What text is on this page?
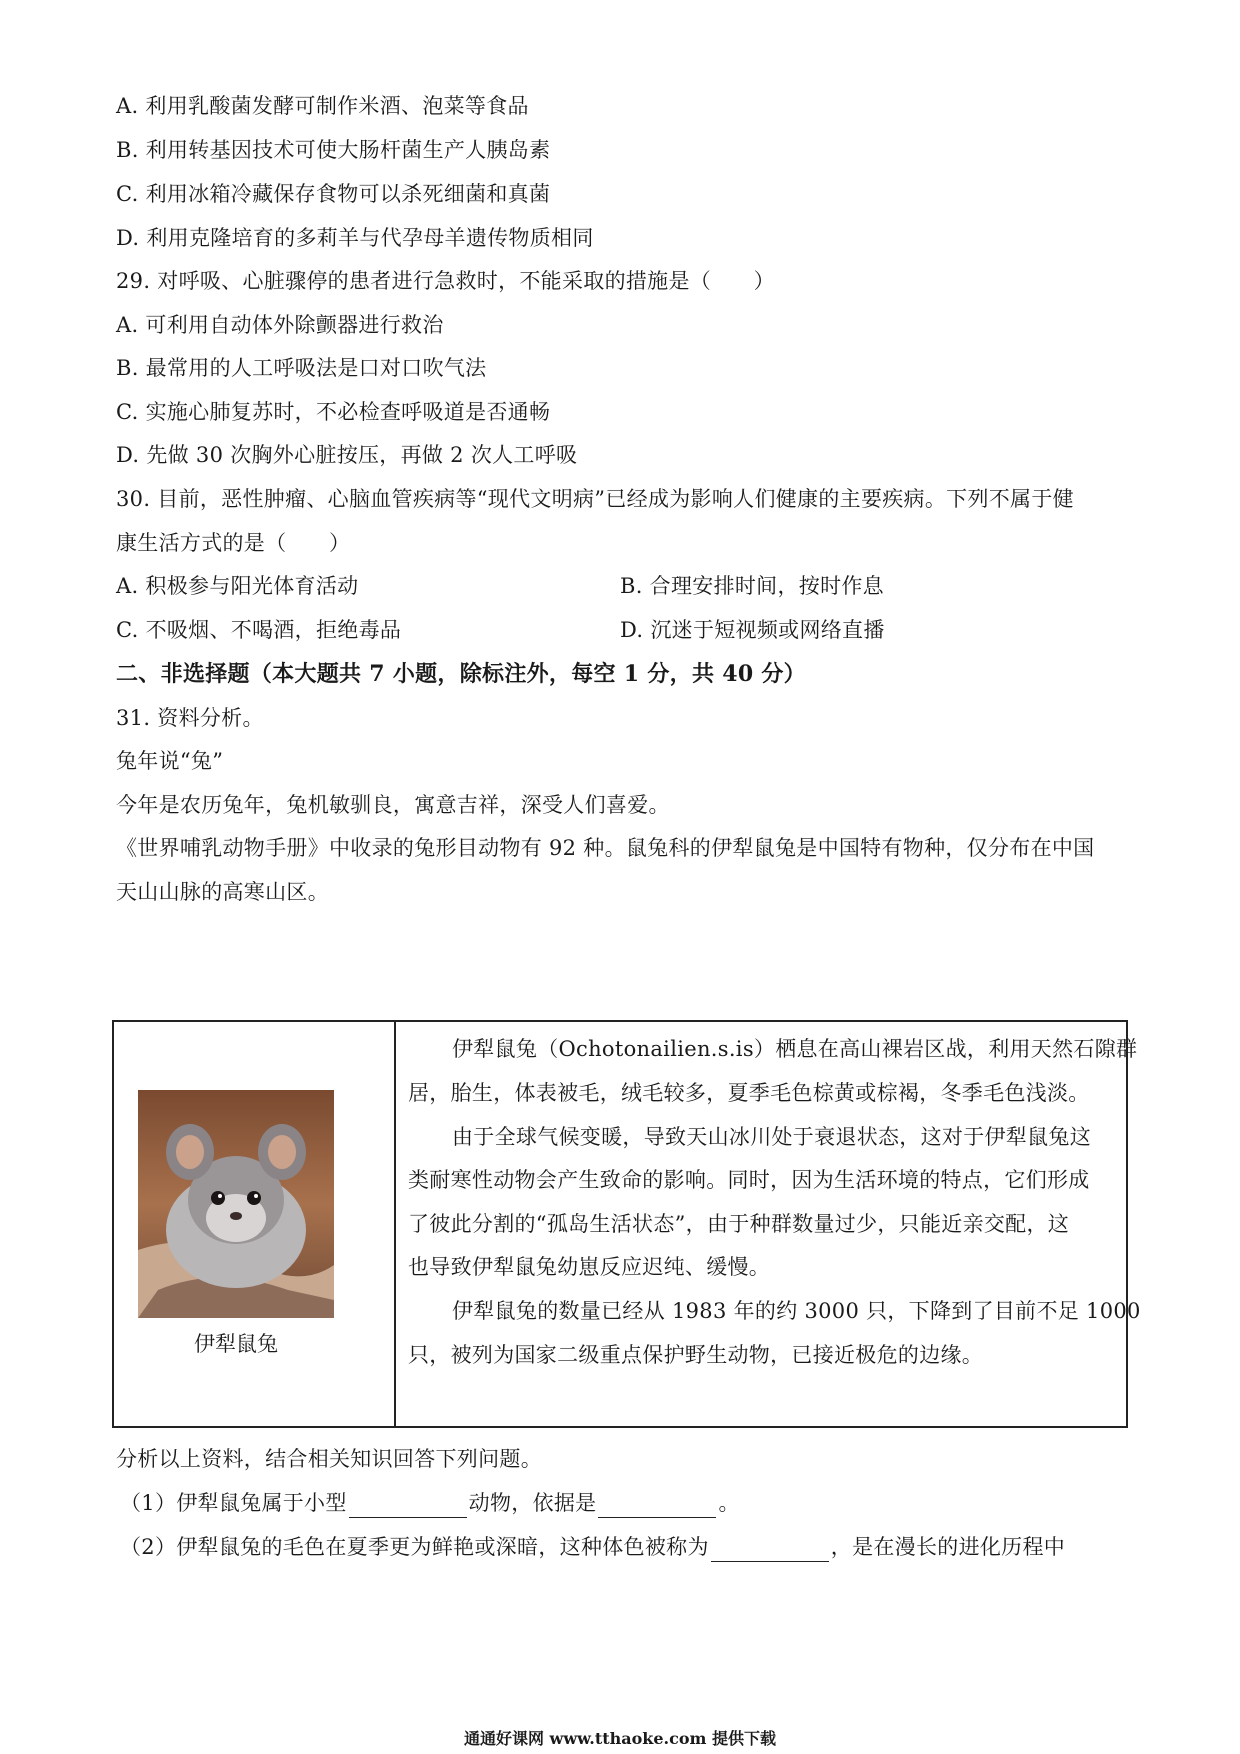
A. 利用乳酸菌发酵可制作米酒、泡菜等食品
B. 利用转基因技术可使大肠杆菌生产人胰岛素
C. 利用冰箱冷藏保存食物可以杀死细菌和真菌
D. 利用克隆培育的多莉羊与代孕母羊遗传物质相同
29. 对呼吸、心脏骤停的患者进行急救时，不能采取的措施是（　　）
A. 可利用自动体外除颤器进行救治
B. 最常用的人工呼吸法是口对口吹气法
C. 实施心肺复苏时，不必检查呼吸道是否通畅
D. 先做 30 次胸外心脏按压，再做 2 次人工呼吸
30. 目前，恶性肿瘤、心脑血管疾病等“现代文明病”已经成为影响人们健康的主要疾病。下列不属于健
康生活方式的是（　　）
A. 积极参与阳光体育活动	B. 合理安排时间，按时作息
C. 不吸烟、不喝酒，拒绝毒品	D. 沉迷于短视频或网络直播
二、非选择题（本大题共 7 小题，除标注外，每空 1 分，共 40 分）
31. 资料分析。
兔年说“兔”
今年是农历兔年，兔机敏驯良，寓意吉祥，深受人们喜爱。
《世界哺乳动物手册》中收录的兔形目动物有 92 种。鼠兔科的伊犁鼠兔是中国特有物种，仅分布在中国
天山山脉的高寒山区。
伊犁鼠兔
伊犁鼠兔（Ochotonailien.s.is）栖息在高山裸岩区战，利用天然石隙群
居，胎生，体表被毛，绒毛较多，夏季毛色棕黄或棕褐，冬季毛色浅淡。
由于全球气候变暖，导致天山冰川处于衰退状态，这对于伊犁鼠兔这
类耐寒性动物会产生致命的影响。同时，因为生活环境的特点，它们形成
了彼此分割的“孤岛生活状态”，由于种群数量过少，只能近亲交配，这
也导致伊犁鼠兔幼崽反应迟纯、缓慢。
伊犁鼠兔的数量已经从 1983 年的约 3000 只，下降到了目前不足 1000
只，被列为国家二级重点保护野生动物，已接近极危的边缘。
分析以上资料，结合相关知识回答下列问题。
（1）伊犁鼠兔属于小型	动物，依据是	。
（2）伊犁鼠兔的毛色在夏季更为鲜艳或深暗，这种体色被称为	，是在漫长的进化历程中
通通好课网 www.tthaoke.com 提供下载
